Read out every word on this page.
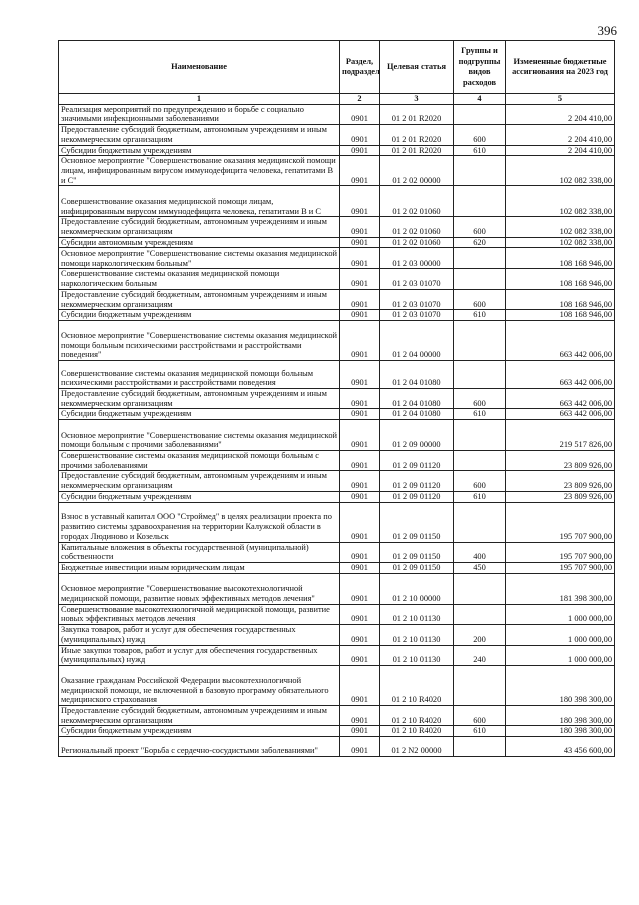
396
Наименование	Раздел, подраздел	Целевая статья	Группы и подгруппы видов расходов	Измененные бюджетные ассигнования на 2023 год
1	2	3	4	5
Реализация мероприятий по предупреждению и борьбе с социально значимыми инфекционными заболеваниями	0901	01 2 01 R2020		2 204 410,00
Предоставление субсидий бюджетным, автономным учреждениям и иным некоммерческим организациям	0901	01 2 01 R2020	600	2 204 410,00
Субсидии бюджетным учреждениям	0901	01 2 01 R2020	610	2 204 410,00
Основное мероприятие "Совершенствование оказания медицинской помощи лицам, инфицированным вирусом иммунодефицита человека, гепатитами В и С"	0901	01 2 02 00000		102 082 338,00
Совершенствование оказания медицинской помощи лицам, инфицированным вирусом иммунодефицита человека, гепатитами В и С	0901	01 2 02 01060		102 082 338,00
Предоставление субсидий бюджетным, автономным учреждениям и иным некоммерческим организациям	0901	01 2 02 01060	600	102 082 338,00
Субсидии автономным учреждениям	0901	01 2 02 01060	620	102 082 338,00
Основное мероприятие "Совершенствование системы оказания медицинской помощи наркологическим больным"	0901	01 2 03 00000		108 168 946,00
Совершенствование системы оказания медицинской помощи наркологическим больным	0901	01 2 03 01070		108 168 946,00
Предоставление субсидий бюджетным, автономным учреждениям и иным некоммерческим организациям	0901	01 2 03 01070	600	108 168 946,00
Субсидии бюджетным учреждениям	0901	01 2 03 01070	610	108 168 946,00
Основное мероприятие "Совершенствование системы оказания медицинской помощи больным психическими расстройствами и расстройствами поведения"	0901	01 2 04 00000		663 442 006,00
Совершенствование системы оказания медицинской помощи больным психическими расстройствами и расстройствами поведения	0901	01 2 04 01080		663 442 006,00
Предоставление субсидий бюджетным, автономным учреждениям и иным некоммерческим организациям	0901	01 2 04 01080	600	663 442 006,00
Субсидии бюджетным учреждениям	0901	01 2 04 01080	610	663 442 006,00
Основное мероприятие "Совершенствование системы оказания медицинской помощи больным с прочими заболеваниями"	0901	01 2 09 00000		219 517 826,00
Совершенствование системы оказания медицинской помощи больным с прочими заболеваниями	0901	01 2 09 01120		23 809 926,00
Предоставление субсидий бюджетным, автономным учреждениям и иным некоммерческим организациям	0901	01 2 09 01120	600	23 809 926,00
Субсидии бюджетным учреждениям	0901	01 2 09 01120	610	23 809 926,00
Взнос в уставный капитал ООО "Строймед" в целях реализации проекта по развитию системы здравоохранения на территории Калужской области в городах Людиново и Козельск	0901	01 2 09 01150		195 707 900,00
Капитальные вложения в объекты государственной (муниципальной) собственности	0901	01 2 09 01150	400	195 707 900,00
Бюджетные инвестиции иным юридическим лицам	0901	01 2 09 01150	450	195 707 900,00
Основное мероприятие "Совершенствование высокотехнологичной медицинской помощи, развитие новых эффективных методов лечения"	0901	01 2 10 00000		181 398 300,00
Совершенствование высокотехнологичной медицинской помощи, развитие новых эффективных методов лечения	0901	01 2 10 01130		1 000 000,00
Закупка товаров, работ и услуг для обеспечения государственных (муниципальных) нужд	0901	01 2 10 01130	200	1 000 000,00
Иные закупки товаров, работ и услуг для обеспечения государственных (муниципальных) нужд	0901	01 2 10 01130	240	1 000 000,00
Оказание гражданам Российской Федерации высокотехнологичной медицинской помощи, не включенной в базовую программу обязательного медицинского страхования	0901	01 2 10 R4020		180 398 300,00
Предоставление субсидий бюджетным, автономным учреждениям и иным некоммерческим организациям	0901	01 2 10 R4020	600	180 398 300,00
Субсидии бюджетным учреждениям	0901	01 2 10 R4020	610	180 398 300,00
Региональный проект "Борьба с сердечно-сосудистыми заболеваниями"	0901	01 2 N2 00000		43 456 600,00
